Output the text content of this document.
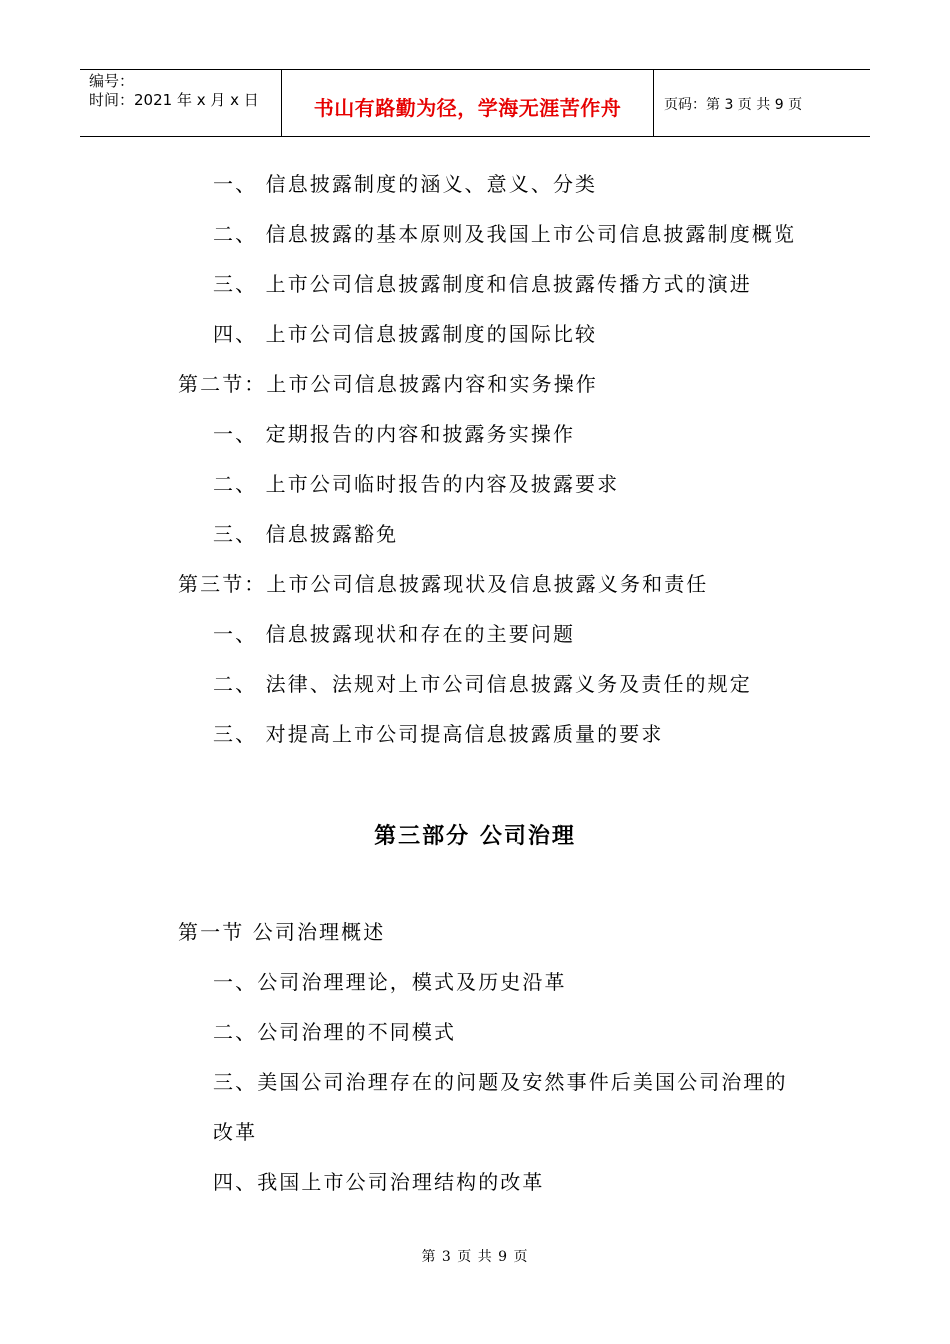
编号：
时间：2021 年 x 月 x 日	书山有路勤为径，学海无涯苦作舟	页码：第 3 页 共 9 页
一、 信息披露制度的涵义、意义、分类
二、 信息披露的基本原则及我国上市公司信息披露制度概览
三、 上市公司信息披露制度和信息披露传播方式的演进
四、 上市公司信息披露制度的国际比较
第二节：上市公司信息披露内容和实务操作
一、 定期报告的内容和披露务实操作
二、 上市公司临时报告的内容及披露要求
三、 信息披露豁免
第三节：上市公司信息披露现状及信息披露义务和责任
一、 信息披露现状和存在的主要问题
二、 法律、法规对上市公司信息披露义务及责任的规定
三、 对提高上市公司提高信息披露质量的要求
第三部分 公司治理
第一节 公司治理概述
一、公司治理理论，模式及历史沿革
二、公司治理的不同模式
三、美国公司治理存在的问题及安然事件后美国公司治理的
改革
四、我国上市公司治理结构的改革
第 3 页 共 9 页
